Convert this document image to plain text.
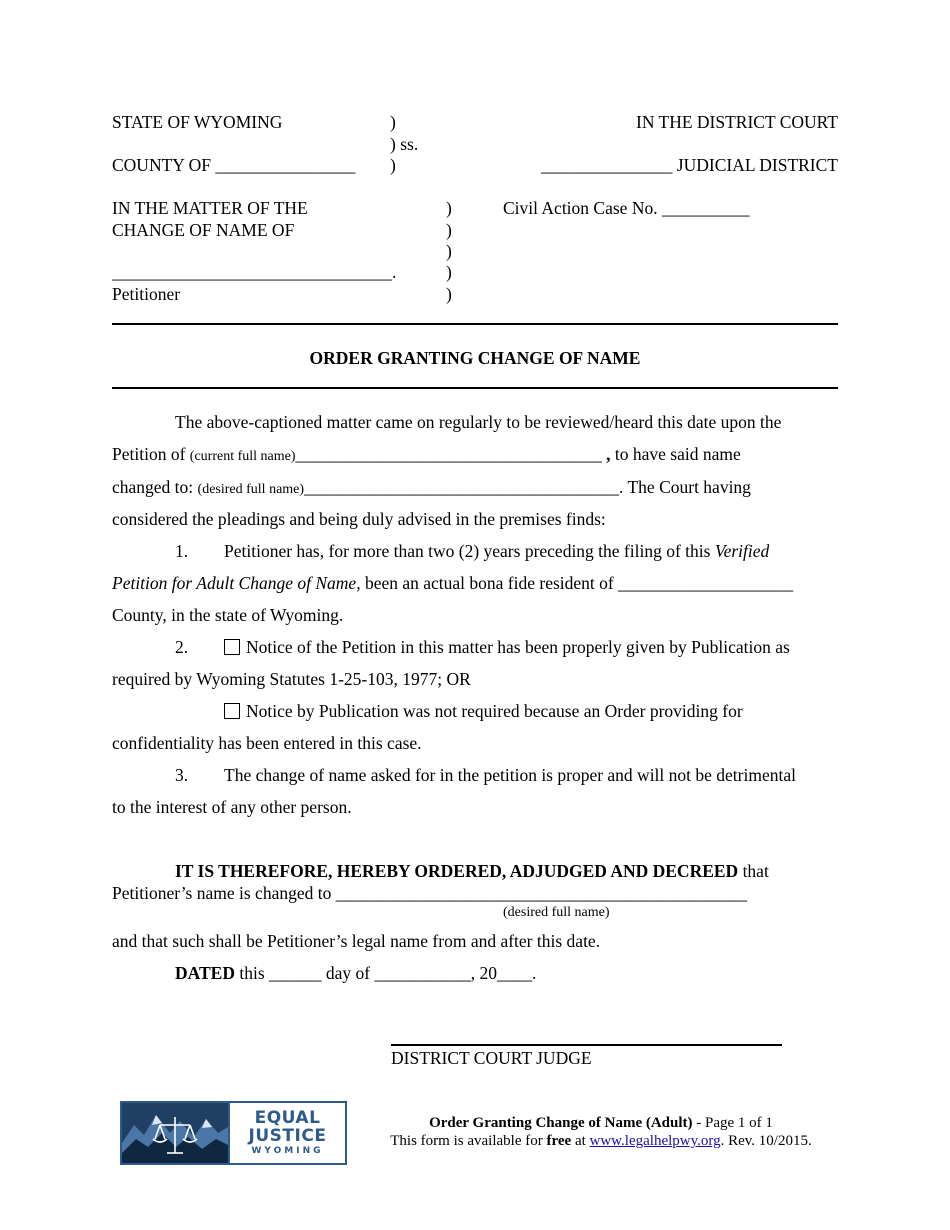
STATE OF WYOMING
COUNTY OF ________________
)
) ss.
)
IN THE DISTRICT COURT
_______________ JUDICIAL DISTRICT
IN THE MATTER OF THE
CHANGE OF NAME OF
________________________________.
Petitioner
)
)
)
)
)
Civil Action Case No. __________
ORDER GRANTING CHANGE OF NAME
The above-captioned matter came on regularly to be reviewed/heard this date upon the
Petition of (current full name)___________________________________ , to have said name
changed to: (desired full name)____________________________________. The Court having
considered the pleadings and being duly advised in the premises finds:
1. Petitioner has, for more than two (2) years preceding the filing of this Verified
Petition for Adult Change of Name, been an actual bona fide resident of ____________________
County, in the state of Wyoming.
2.	Notice of the Petition in this matter has been properly given by Publication as
required by Wyoming Statutes 1-25-103, 1977; OR
Notice by Publication was not required because an Order providing for
confidentiality has been entered in this case.
3. The change of name asked for in the petition is proper and will not be detrimental
to the interest of any other person.
IT IS THEREFORE, HEREBY ORDERED, ADJUDGED AND DECREED that
Petitioner’s name is changed to _______________________________________________
(desired full name)
and that such shall be Petitioner’s legal name from and after this date.
DATED this ______ day of ___________, 20____.
DISTRICT COURT JUDGE
EQUAL
JUSTICE
WYOMING
Order Granting Change of Name (Adult) - Page 1 of 1
This form is available for free at www.legalhelpwy.org. Rev. 10/2015.
